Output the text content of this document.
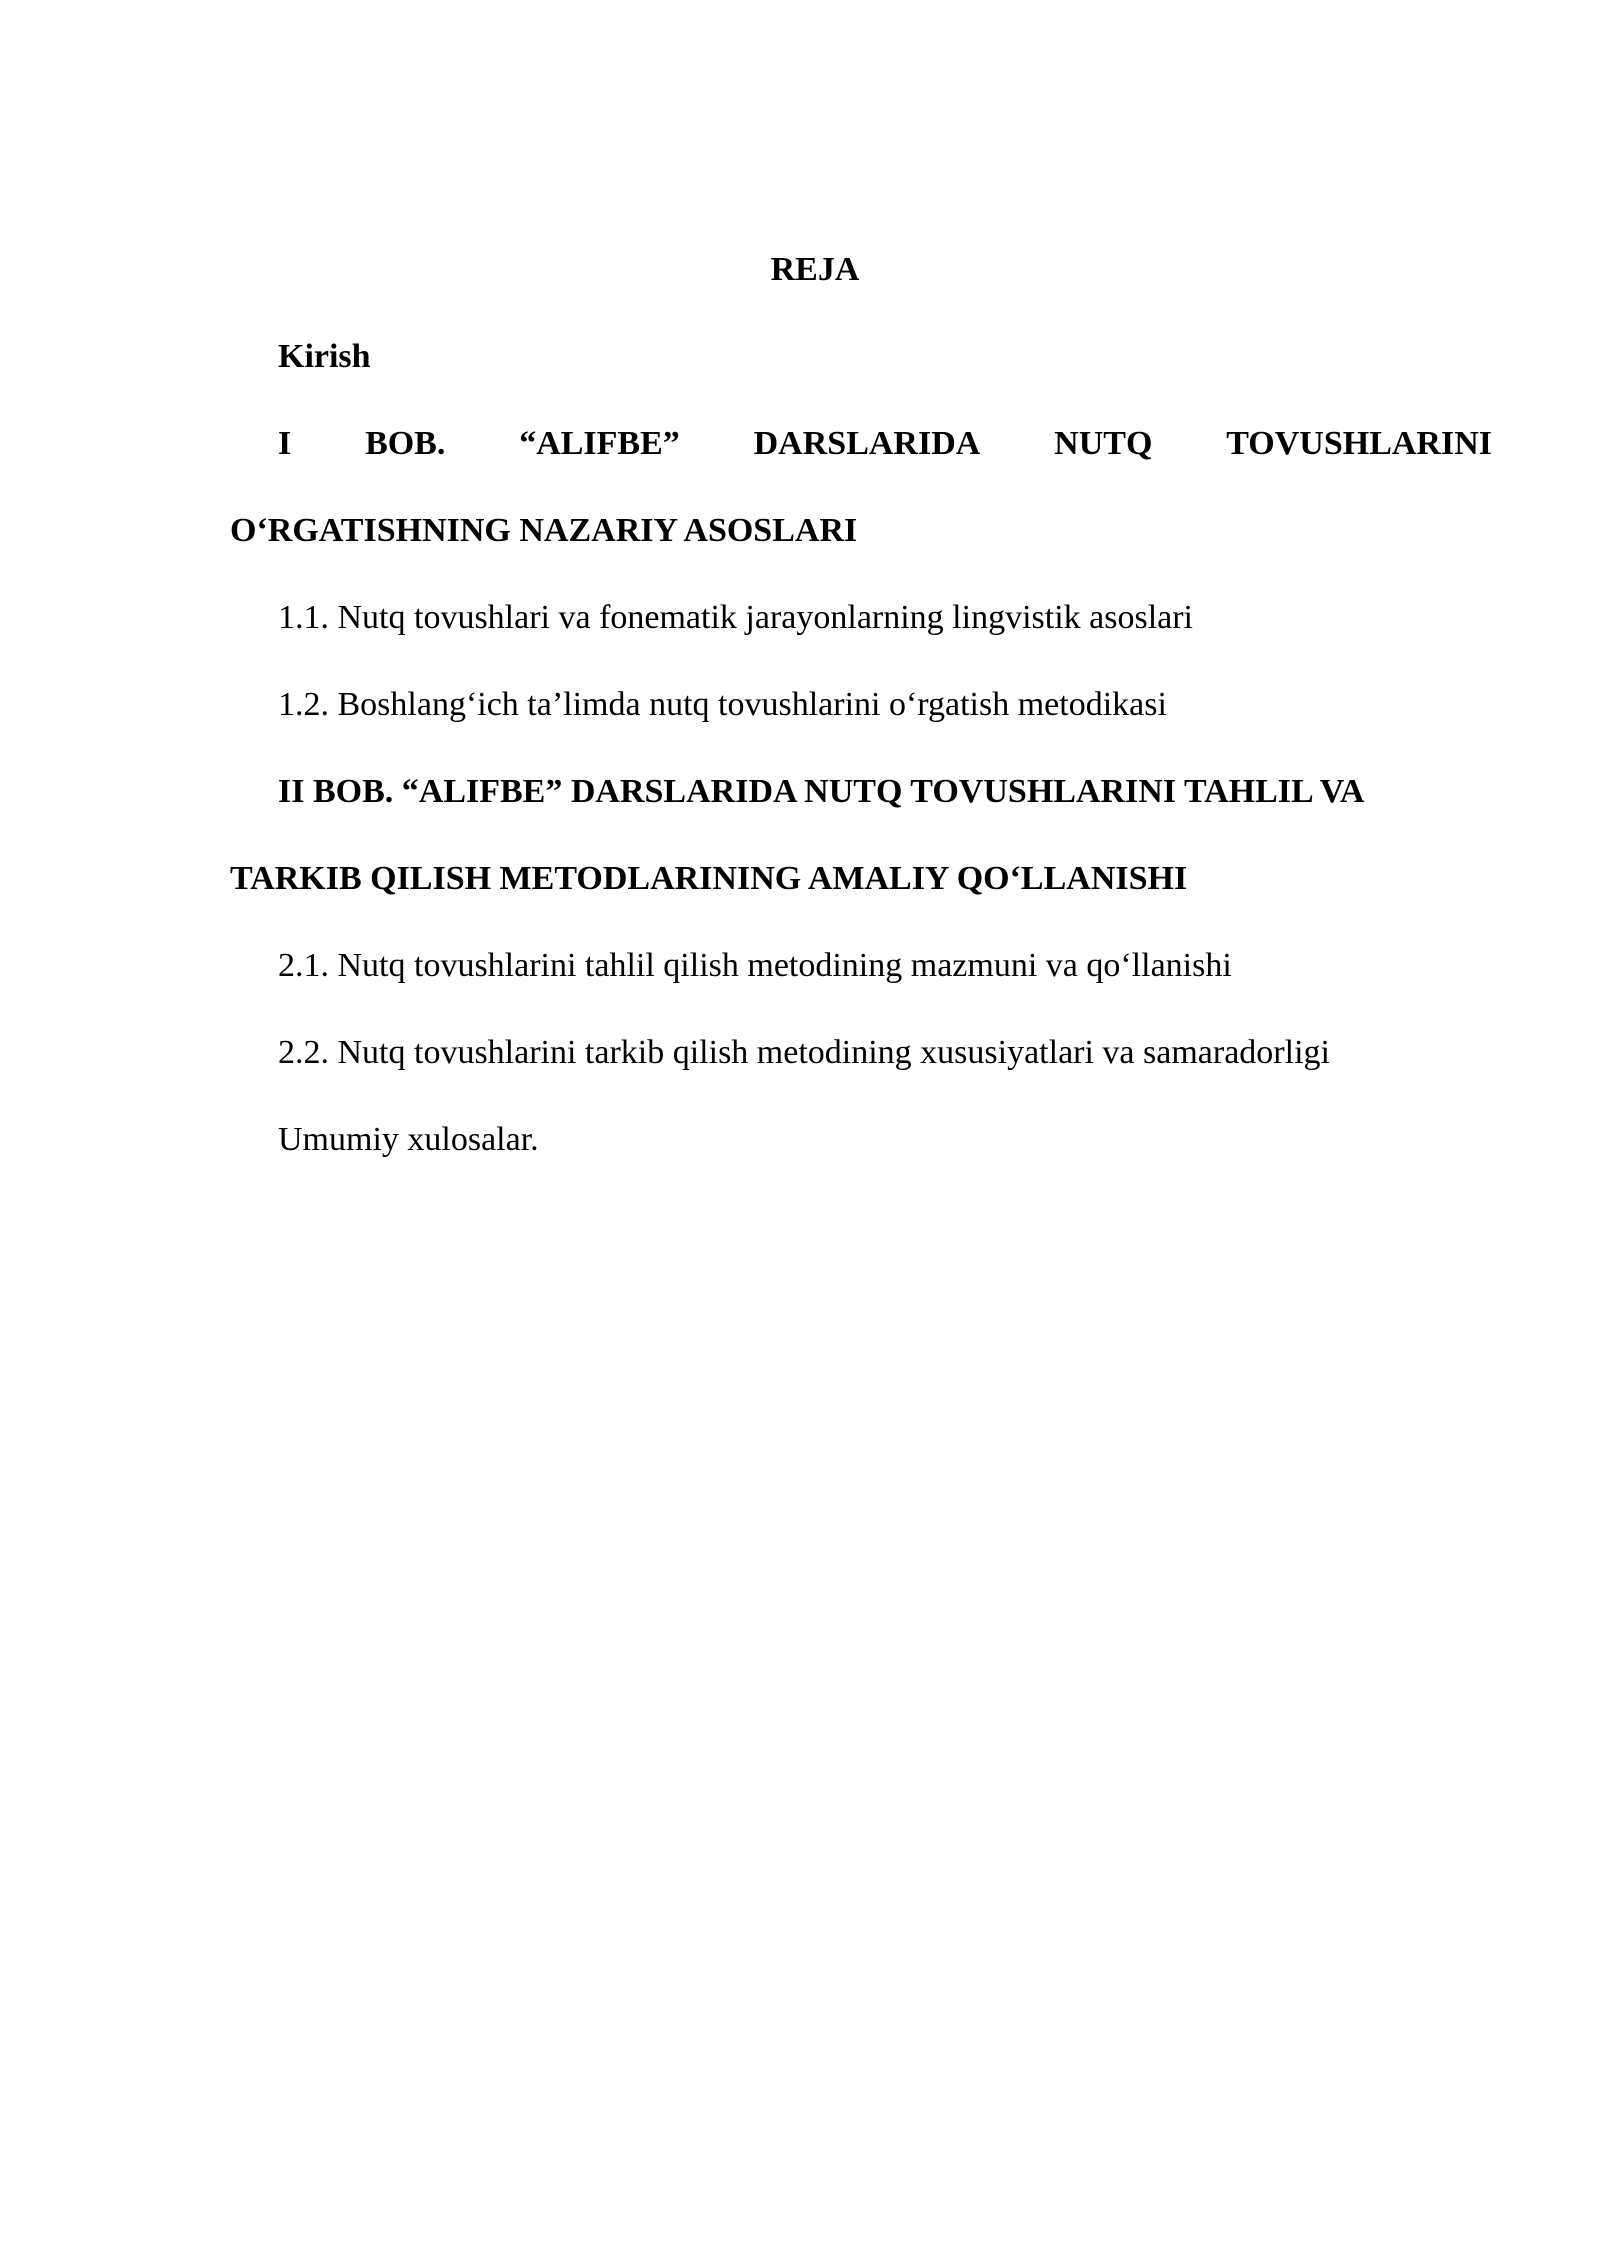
REJA
Kirish
I BOB. “ALIFBE” DARSLARIDA NUTQ TOVUSHLARINI
O‘RGATISHNING NAZARIY ASOSLARI
1.1. Nutq tovushlari va fonematik jarayonlarning lingvistik asoslari
1.2. Boshlang‘ich ta’limda nutq tovushlarini o‘rgatish metodikasi
II BOB. “ALIFBE” DARSLARIDA NUTQ TOVUSHLARINI TAHLIL VA
TARKIB QILISH METODLARINING AMALIY QO‘LLANISHI
2.1. Nutq tovushlarini tahlil qilish metodining mazmuni va qo‘llanishi
2.2. Nutq tovushlarini tarkib qilish metodining xususiyatlari va samaradorligi
Umumiy xulosalar.
